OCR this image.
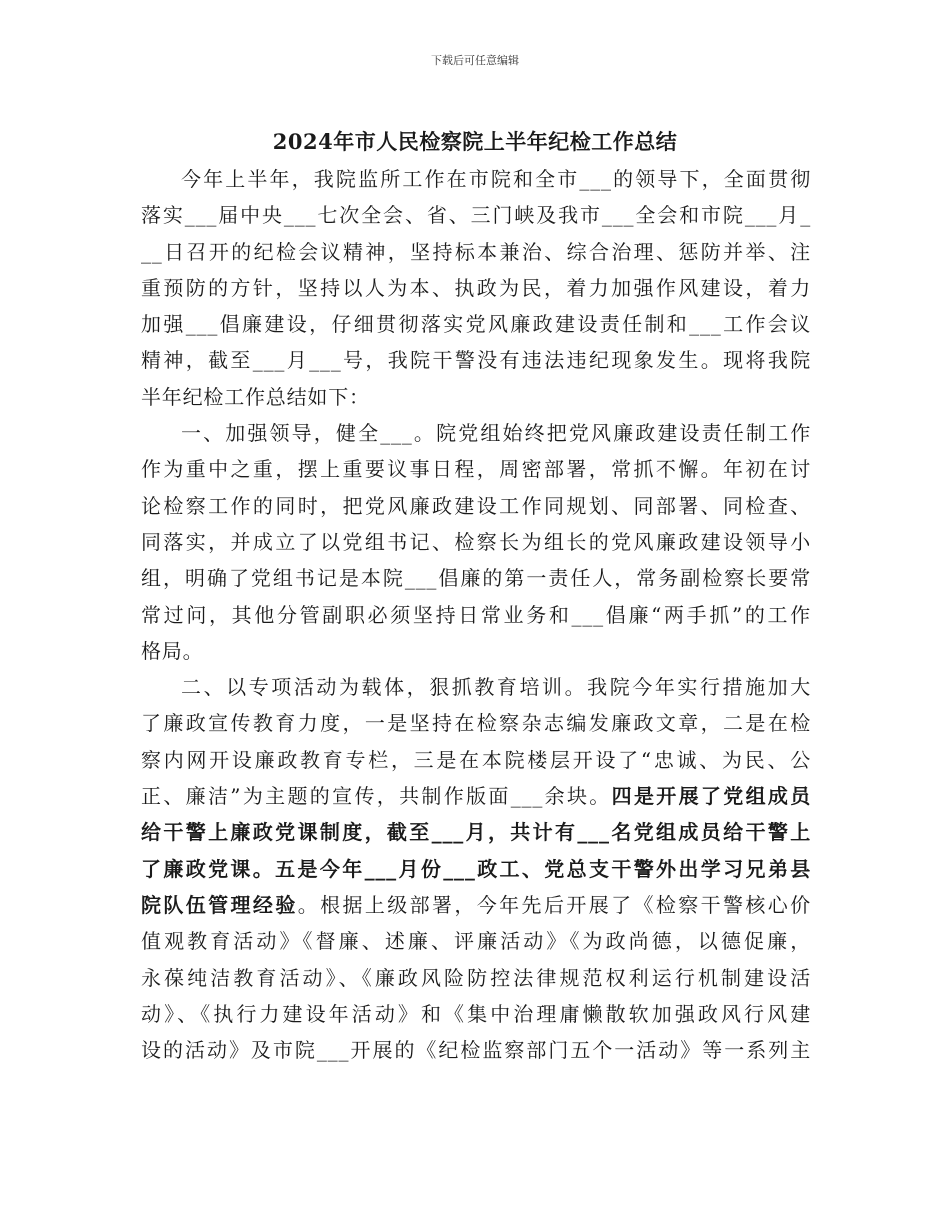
下载后可任意编辑
2024年市人民检察院上半年纪检工作总结
今年上半年，我院监所工作在市院和全市___的领导下，全面贯彻
落实___届中央___七次全会、省、三门峡及我市___全会和市院___月_
__日召开的纪检会议精神，坚持标本兼治、综合治理、惩防并举、注
重预防的方针，坚持以人为本、执政为民，着力加强作风建设，着力
加强___倡廉建设，仔细贯彻落实党风廉政建设责任制和___工作会议
精神，截至___月___号，我院干警没有违法违纪现象发生。现将我院
半年纪检工作总结如下：
一、加强领导，健全___。院党组始终把党风廉政建设责任制工作
作为重中之重，摆上重要议事日程，周密部署，常抓不懈。年初在讨
论检察工作的同时，把党风廉政建设工作同规划、同部署、同检查、
同落实，并成立了以党组书记、检察长为组长的党风廉政建设领导小
组，明确了党组书记是本院___倡廉的第一责任人，常务副检察长要常
常过问，其他分管副职必须坚持日常业务和___倡廉“两手抓”的工作
格局。
二、以专项活动为载体，狠抓教育培训。我院今年实行措施加大
了廉政宣传教育力度，一是坚持在检察杂志编发廉政文章，二是在检
察内网开设廉政教育专栏，三是在本院楼层开设了“忠诚、为民、公
正、廉洁”为主题的宣传，共制作版面___余块。四是开展了党组成员
给干警上廉政党课制度，截至___月，共计有___名党组成员给干警上
了廉政党课。五是今年___月份___政工、党总支干警外出学习兄弟县
院队伍管理经验。根据上级部署，今年先后开展了《检察干警核心价
值观教育活动》《督廉、述廉、评廉活动》《为政尚德，以德促廉，
永葆纯洁教育活动》、《廉政风险防控法律规范权利运行机制建设活
动》、《执行力建设年活动》和《集中治理庸懒散软加强政风行风建
设的活动》及市院___开展的《纪检监察部门五个一活动》等一系列主
